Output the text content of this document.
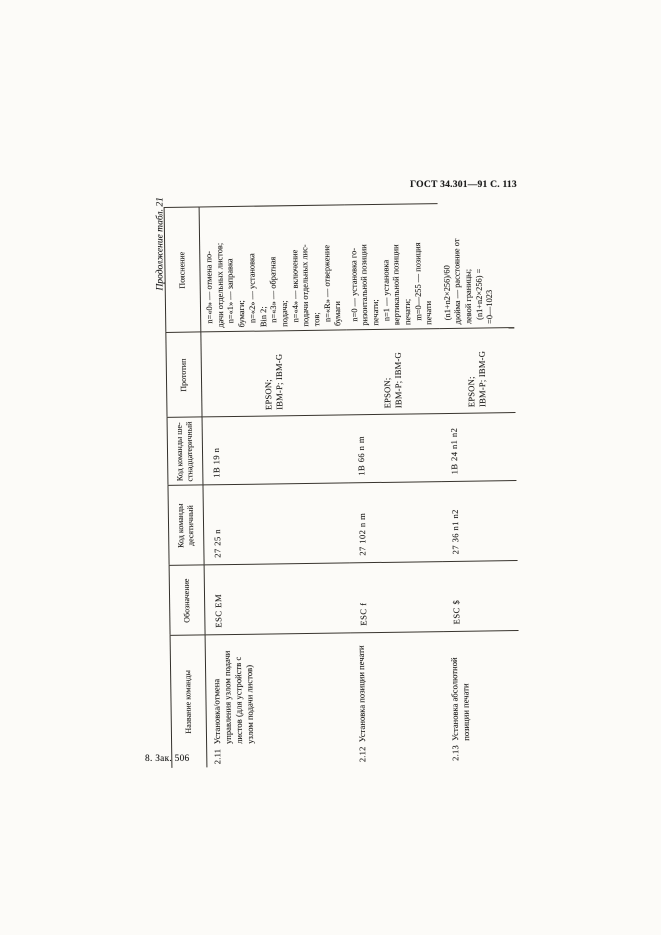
ГОСТ 34.301—91 С. 113
Продолжение табл. 21
Название команды	Обозначение	Код команды
десятичный	Код команды ше-
стнадцатеричный	Прототип	Пояснение

2.11
Установка/отмена управления узлом подачи листов (для устройств с узлом подачи листов)
	ESC EM	27 25 n	1B 19 n	EPSON;
IBM-P; IBM-G	
n=«0» — отмена по- дачи отдельных листов; n=«1» — заправка бумаги; n=«2» — установка Bin 2; n=«3» — обратная подача; n=«4» — включение подачи отдельных лис- тов; n=«R» — отвержение бумаги

2.12
Установка позиции печати
	ESC f	27 102 n m	1B 66 n m	EPSON;
IBM-P; IBM-G	
n=0 — установка го- ризонтальной позиции печати; n=1 — установка вертикальной позиции печати; m=0—255 — позиция печати

2.13
Установка абсолютной позиции печати
	ESC $	27 36 n1 n2	1B 24 n1 n2	EPSON;
IBM-P; IBM-G	
(n1+n2×256)/60 дюйма — расстояние от левой границы; (n1+n2×256) = =0—1023
8. Зак. 506
